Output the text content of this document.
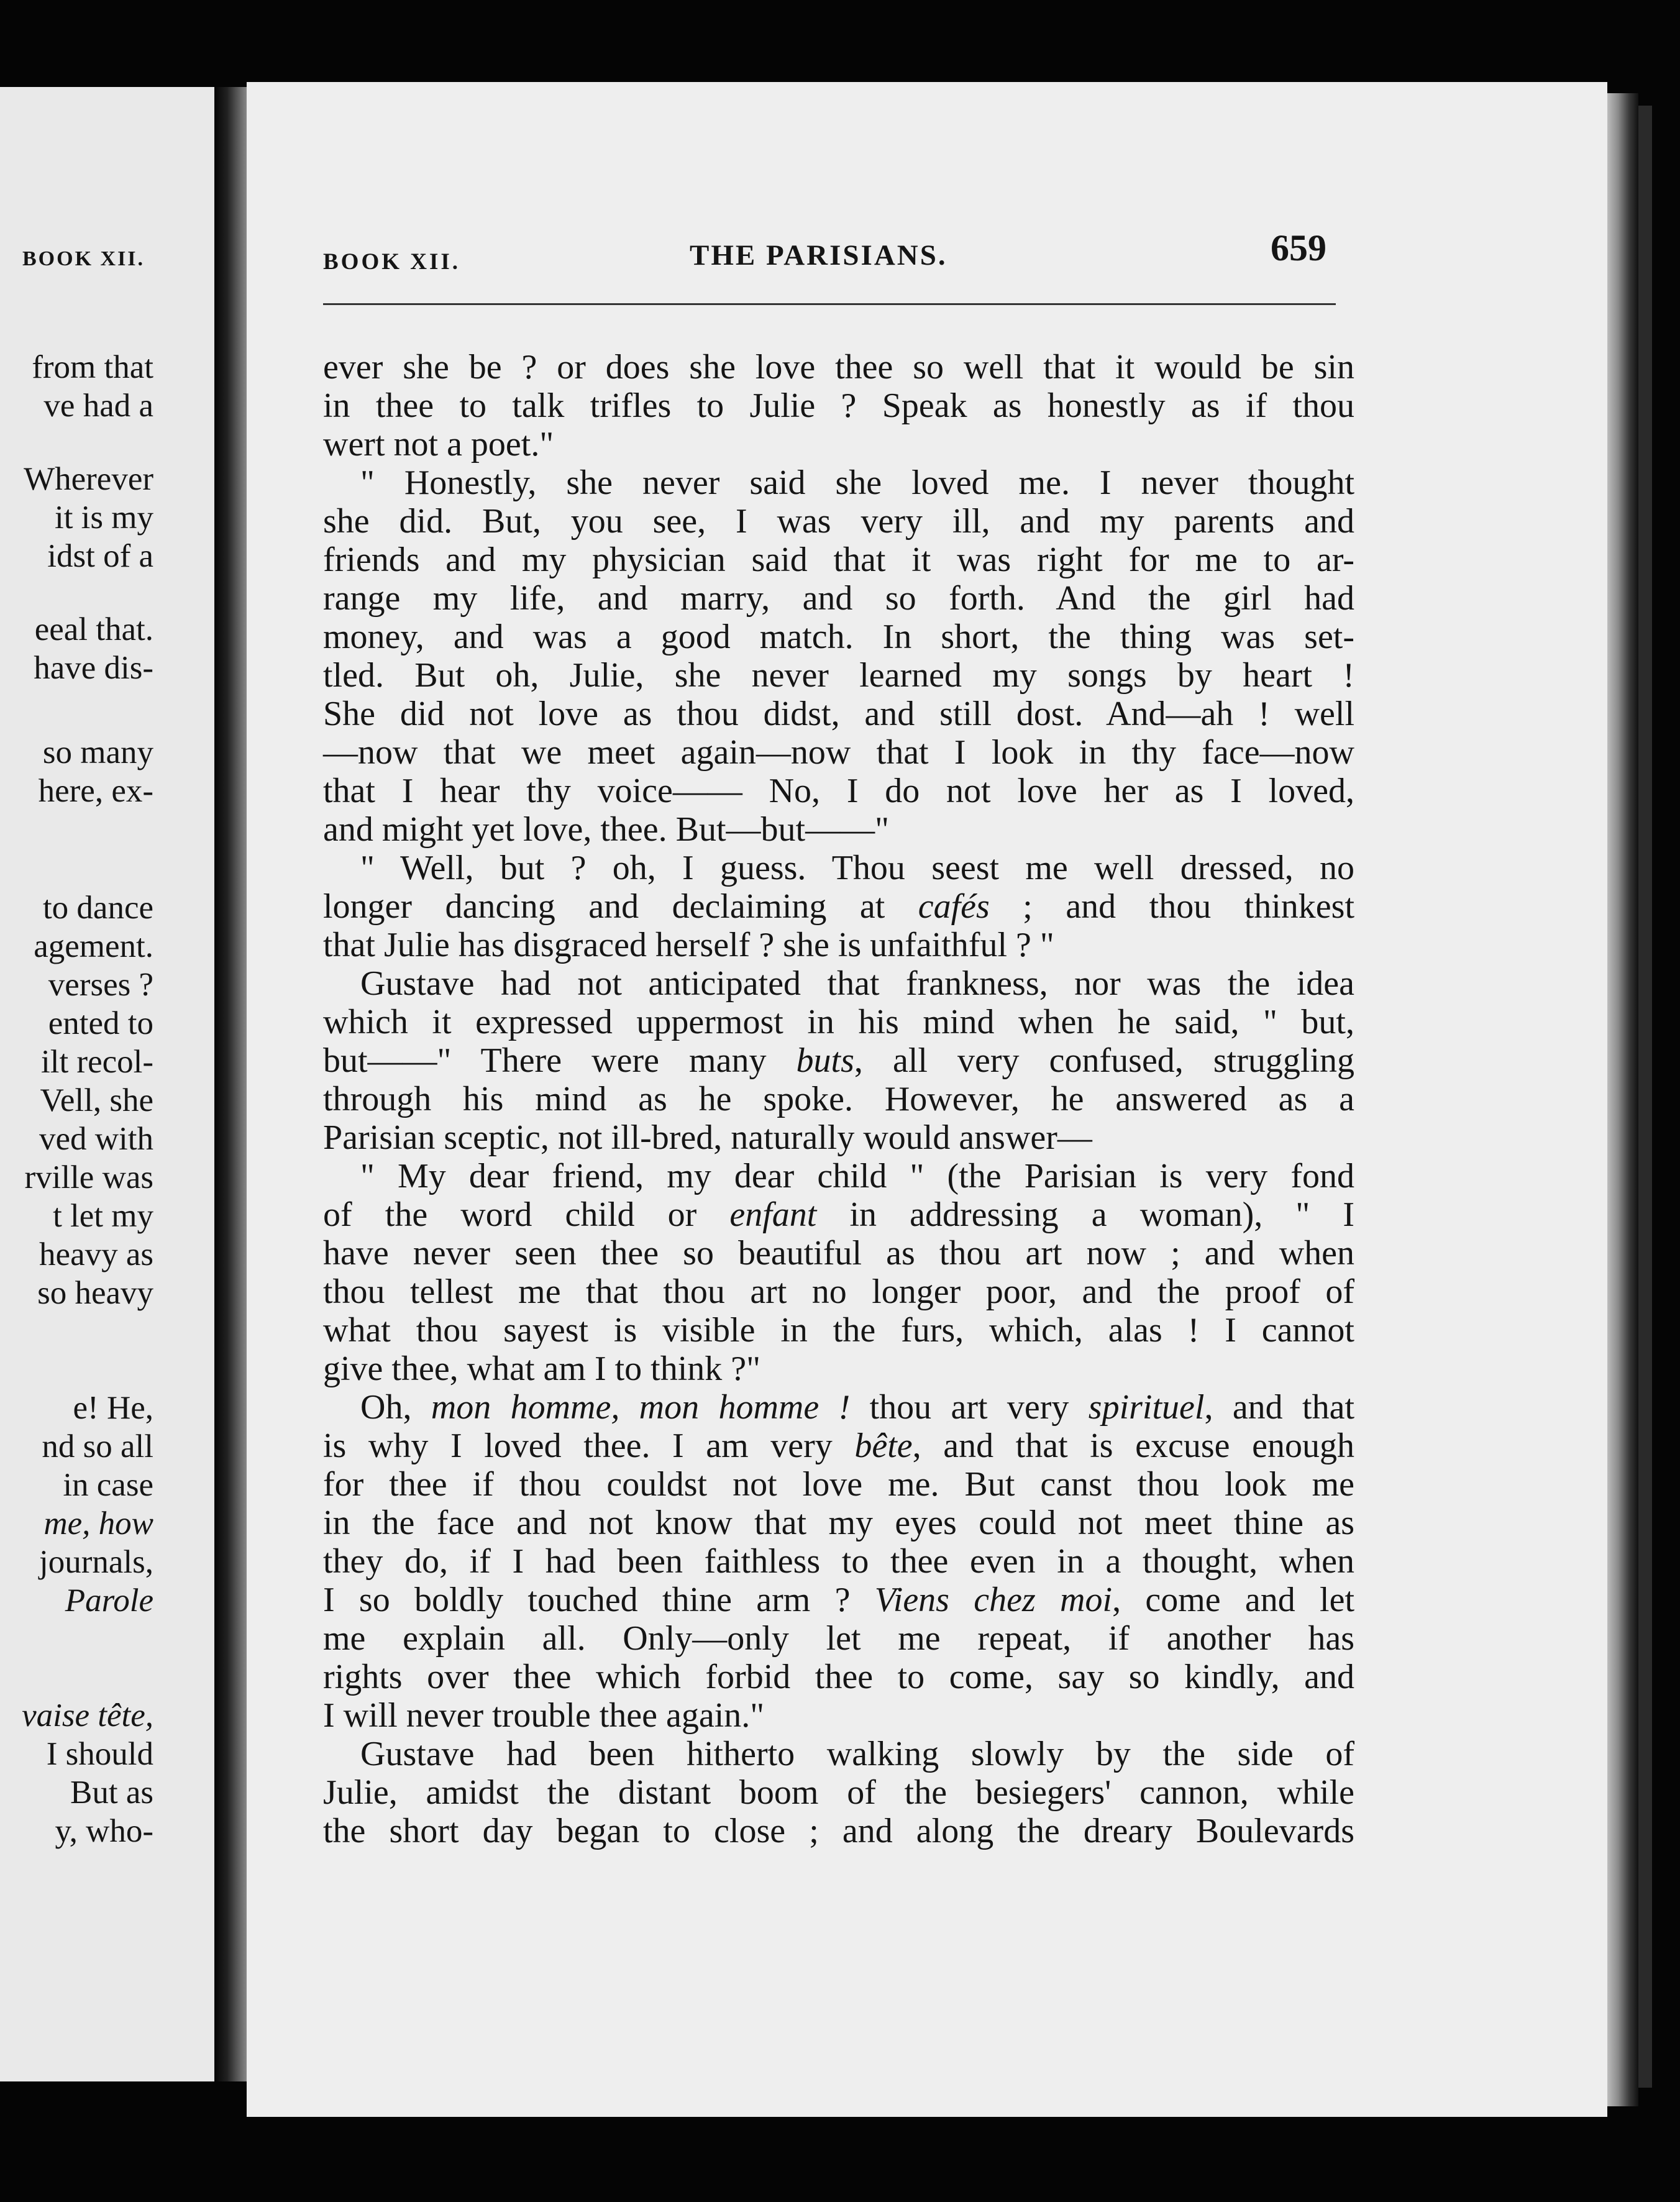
BOOK XII.
from that
ve had a
Wherever
it is my
idst of a
eeal that.
have dis-
so many
here, ex-
to dance
agement.
verses ?
ented to
ilt recol-
Vell, she
ved with
rville was
t let my
heavy as
so heavy
e! He,
nd so all
in case
me, how
journals,
Parole
vaise tête,
I should
But as
y, who-
BOOK XII.	THE PARISIANS.	659
ever she be ? or does she love thee so well that it would be sin
in thee to talk trifles to Julie ? Speak as honestly as if thou
wert not a poet."
" Honestly, she never said she loved me. I never thought
she did. But, you see, I was very ill, and my parents and
friends and my physician said that it was right for me to ar-
range my life, and marry, and so forth. And the girl had
money, and was a good match. In short, the thing was set-
tled. But oh, Julie, she never learned my songs by heart !
She did not love as thou didst, and still dost. And—ah ! well
—now that we meet again—now that I look in thy face—now
that I hear thy voice—— No, I do not love her as I loved,
and might yet love, thee. But—but——"
" Well, but ? oh, I guess. Thou seest me well dressed, no
longer dancing and declaiming at cafés ; and thou thinkest
that Julie has disgraced herself ? she is unfaithful ? "
Gustave had not anticipated that frankness, nor was the idea
which it expressed uppermost in his mind when he said, " but,
but——" There were many buts, all very confused, struggling
through his mind as he spoke. However, he answered as a
Parisian sceptic, not ill-bred, naturally would answer—
" My dear friend, my dear child " (the Parisian is very fond
of the word child or enfant in addressing a woman), " I
have never seen thee so beautiful as thou art now ; and when
thou tellest me that thou art no longer poor, and the proof of
what thou sayest is visible in the furs, which, alas ! I cannot
give thee, what am I to think ?"
Oh, mon homme, mon homme ! thou art very spirituel, and that
is why I loved thee. I am very bête, and that is excuse enough
for thee if thou couldst not love me. But canst thou look me
in the face and not know that my eyes could not meet thine as
they do, if I had been faithless to thee even in a thought, when
I so boldly touched thine arm ? Viens chez moi, come and let
me explain all. Only—only let me repeat, if another has
rights over thee which forbid thee to come, say so kindly, and
I will never trouble thee again."
Gustave had been hitherto walking slowly by the side of
Julie, amidst the distant boom of the besiegers' cannon, while
the short day began to close ; and along the dreary Boulevards
